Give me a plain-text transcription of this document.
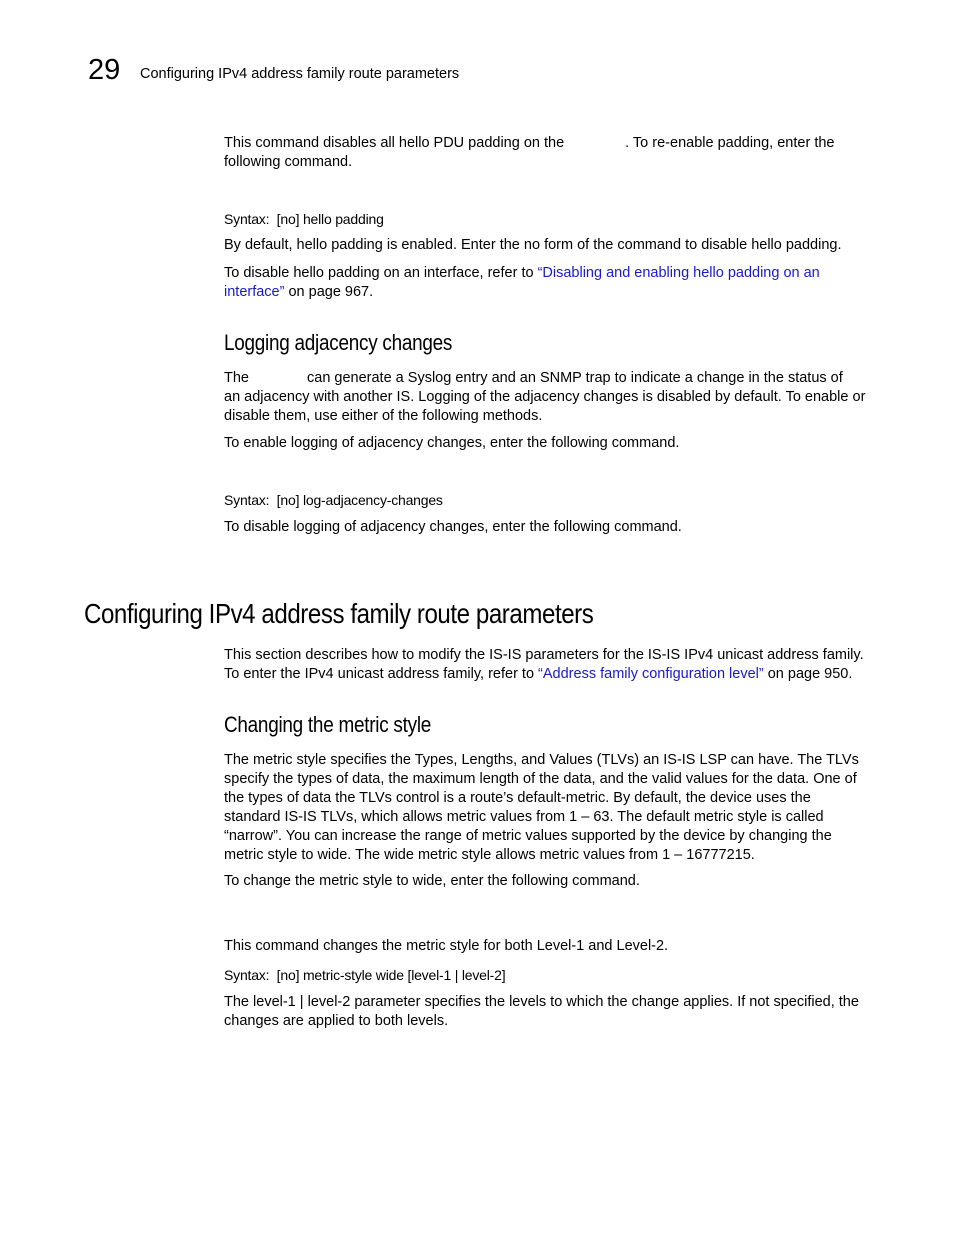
29 Configuring IPv4 address family route parameters
This command disables all hello PDU padding on the	. To re-enable padding, enter the
following command.
Syntax:  [no] hello padding
By default, hello padding is enabled. Enter the no form of the command to disable hello padding.
To disable hello padding on an interface, refer to “Disabling and enabling hello padding on an
interface” on page 967.
Logging adjacency changes
The	can generate a Syslog entry and an SNMP trap to indicate a change in the status of
an adjacency with another IS. Logging of the adjacency changes is disabled by default. To enable or
disable them, use either of the following methods.
To enable logging of adjacency changes, enter the following command.
Syntax:  [no] log-adjacency-changes
To disable logging of adjacency changes, enter the following command.
Configuring IPv4 address family route parameters
This section describes how to modify the IS-IS parameters for the IS-IS IPv4 unicast address family.
To enter the IPv4 unicast address family, refer to “Address family configuration level” on page 950.
Changing the metric style
The metric style specifies the Types, Lengths, and Values (TLVs) an IS-IS LSP can have. The TLVs
specify the types of data, the maximum length of the data, and the valid values for the data. One of
the types of data the TLVs control is a route’s default-metric. By default, the device uses the
standard IS-IS TLVs, which allows metric values from 1 – 63. The default metric style is called
“narrow”. You can increase the range of metric values supported by the device by changing the
metric style to wide. The wide metric style allows metric values from 1 – 16777215.
To change the metric style to wide, enter the following command.
This command changes the metric style for both Level-1 and Level-2.
Syntax:  [no] metric-style wide [level-1 | level-2]
The level-1 | level-2 parameter specifies the levels to which the change applies. If not specified, the
changes are applied to both levels.
